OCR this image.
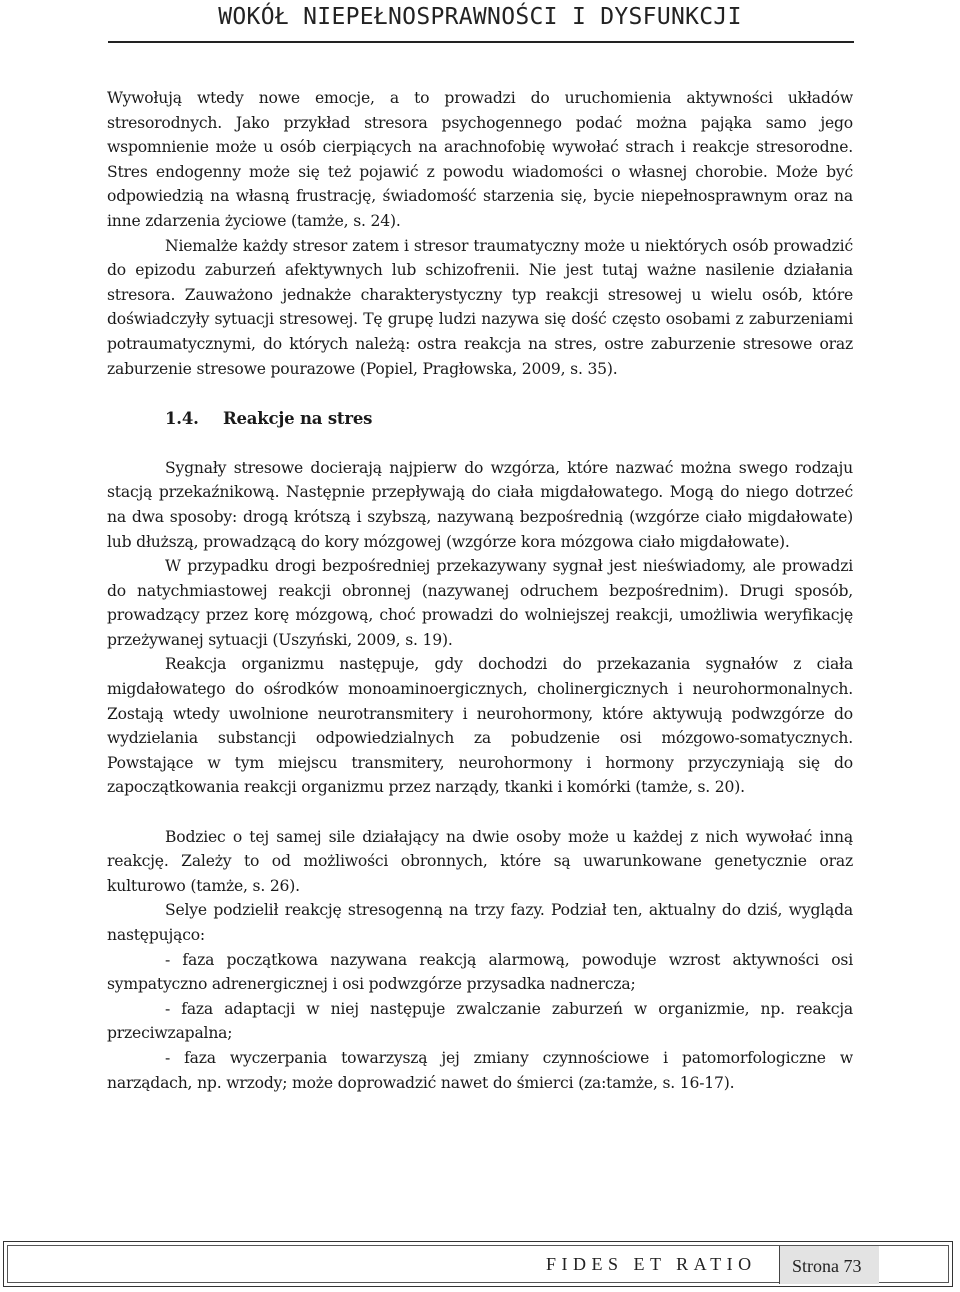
WOKÓŁ NIEPEŁNOSPRAWNOŚCI I DYSFUNKCJI

Wywołują wtedy nowe emocje, a to prowadzi do uruchomienia aktywności układów stresorodnych. Jako przykład stresora psychogennego podać można pająka samo jego wspomnienie może u osób cierpiących na arachnofobię wywołać strach i reakcje stresorodne. Stres endogenny może się też pojawić z powodu wiadomości o własnej chorobie. Może być odpowiedzią na własną frustrację, świadomość starzenia się, bycie niepełnosprawnym oraz na inne zdarzenia życiowe (tamże, s. 24).

Niemalże każdy stresor zatem i stresor traumatyczny może u niektórych osób prowadzić do epizodu zaburzeń afektywnych lub schizofrenii. Nie jest tutaj ważne nasilenie działania stresora. Zauważono jednakże charakterystyczny typ reakcji stresowej u wielu osób, które doświadczyły sytuacji stresowej. Tę grupę ludzi nazywa się dość często osobami z zaburzeniami potraumatycznymi, do których należą: ostra reakcja na stres, ostre zaburzenie stresowe oraz zaburzenie stresowe pourazowe (Popiel, Pragłowska, 2009, s. 35).

1.4. Reakcje na stres

Sygnały stresowe docierają najpierw do wzgórza, które nazwać można swego rodzaju stacją przekaźnikową. Następnie przepływają do ciała migdałowatego. Mogą do niego dotrzeć na dwa sposoby: drogą krótszą i szybszą, nazywaną bezpośrednią (wzgórze ciało migdałowate) lub dłuższą, prowadzącą do kory mózgowej (wzgórze kora mózgowa ciało migdałowate).

W przypadku drogi bezpośredniej przekazywany sygnał jest nieświadomy, ale prowadzi do natychmiastowej reakcji obronnej (nazywanej odruchem bezpośrednim). Drugi sposób, prowadzący przez korę mózgową, choć prowadzi do wolniejszej reakcji, umożliwia weryfikację przeżywanej sytuacji (Uszyński, 2009, s. 19).

Reakcja organizmu następuje, gdy dochodzi do przekazania sygnałów z ciała migdałowatego do ośrodków monoaminoergicznych, cholinergicznych i neurohormonalnych. Zostają wtedy uwolnione neurotransmitery i neurohormony, które aktywują podwzgórze do wydzielania substancji odpowiedzialnych za pobudzenie osi mózgowo-somatycznych. Powstające w tym miejscu transmitery, neurohormony i hormony przyczyniają się do zapoczątkowania reakcji organizmu przez narządy, tkanki i komórki (tamże, s. 20).

Bodziec o tej samej sile działający na dwie osoby może u każdej z nich wywołać inną reakcję. Zależy to od możliwości obronnych, które są uwarunkowane genetycznie oraz kulturowo (tamże, s. 26).

Selye podzielił reakcję stresogenną na trzy fazy. Podział ten, aktualny do dziś, wygląda następująco:

- faza początkowa nazywana reakcją alarmową, powoduje wzrost aktywności osi sympatyczno adrenergicznej i osi podwzgórze przysadka nadnercza;

- faza adaptacji w niej następuje zwalczanie zaburzeń w organizmie, np. reakcja przeciwzapalna;

- faza wyczerpania towarzyszą jej zmiany czynnościowe i patomorfologiczne w narządach, np. wrzody; może doprowadzić nawet do śmierci (za:tamże, s. 16-17).

FIDES ET RATIO Strona 73
